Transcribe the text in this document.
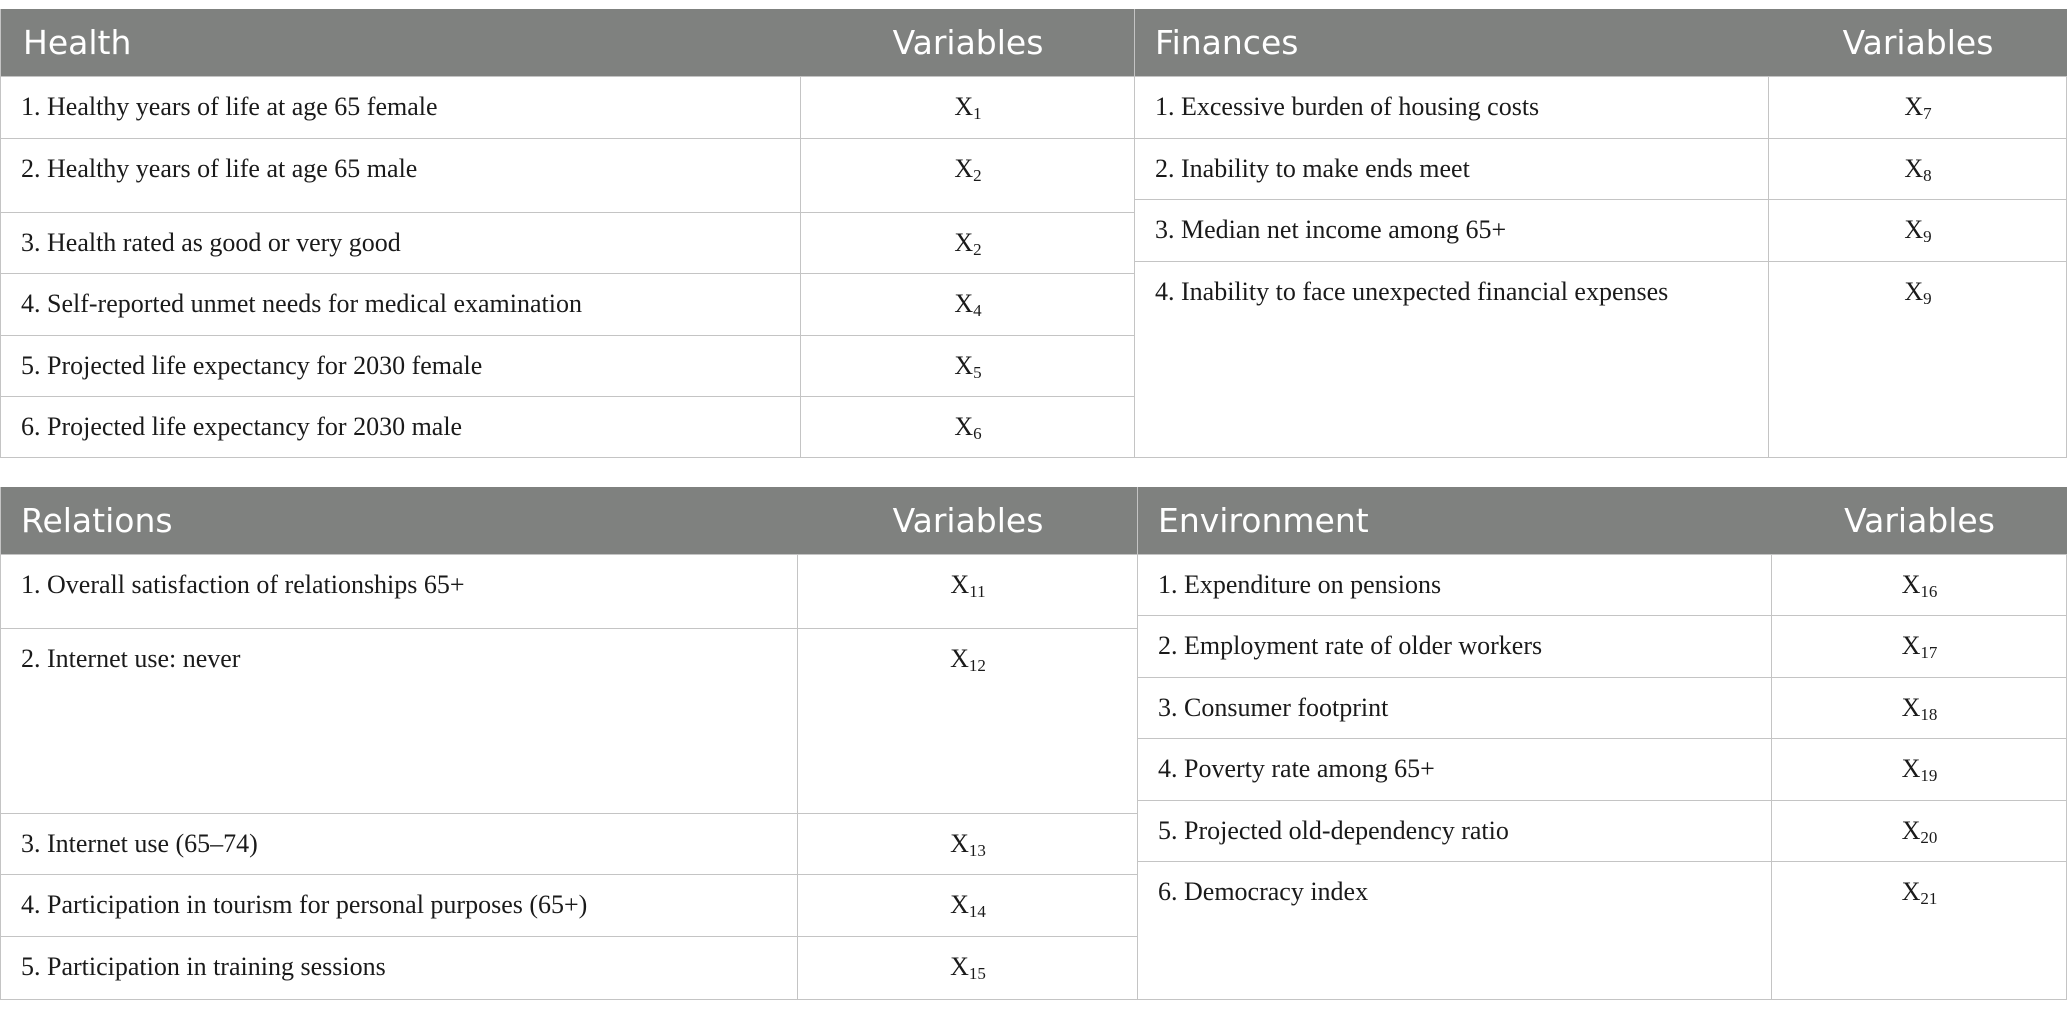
Health	Variables
1. Healthy years of life at age 65 female	$X_1$
2. Healthy years of life at age 65 male	$X_2$
3. Health rated as good or very good	$X_2$
4. Self-reported unmet needs for medical examination	$X_4$
5. Projected life expectancy for 2030 female	$X_5$
6. Projected life expectancy for 2030 male	$X_6$
Finances	Variables
1. Excessive burden of housing costs	$X_7$
2. Inability to make ends meet	$X_8$
3. Median net income among 65+	$X_9$
4. Inability to face unexpected financial expenses	$X_9$
Relations	Variables
1. Overall satisfaction of relationships 65+	$X_{11}$
2. Internet use: never	$X_{12}$
3. Internet use (65–74)	$X_{13}$
4. Participation in tourism for personal purposes (65+)	$X_{14}$
5. Participation in training sessions	$X_{15}$
Environment	Variables
1. Expenditure on pensions	$X_{16}$
2. Employment rate of older workers	$X_{17}$
3. Consumer footprint	$X_{18}$
4. Poverty rate among 65+	$X_{19}$
5. Projected old-dependency ratio	$X_{20}$
6. Democracy index	$X_{21}$
